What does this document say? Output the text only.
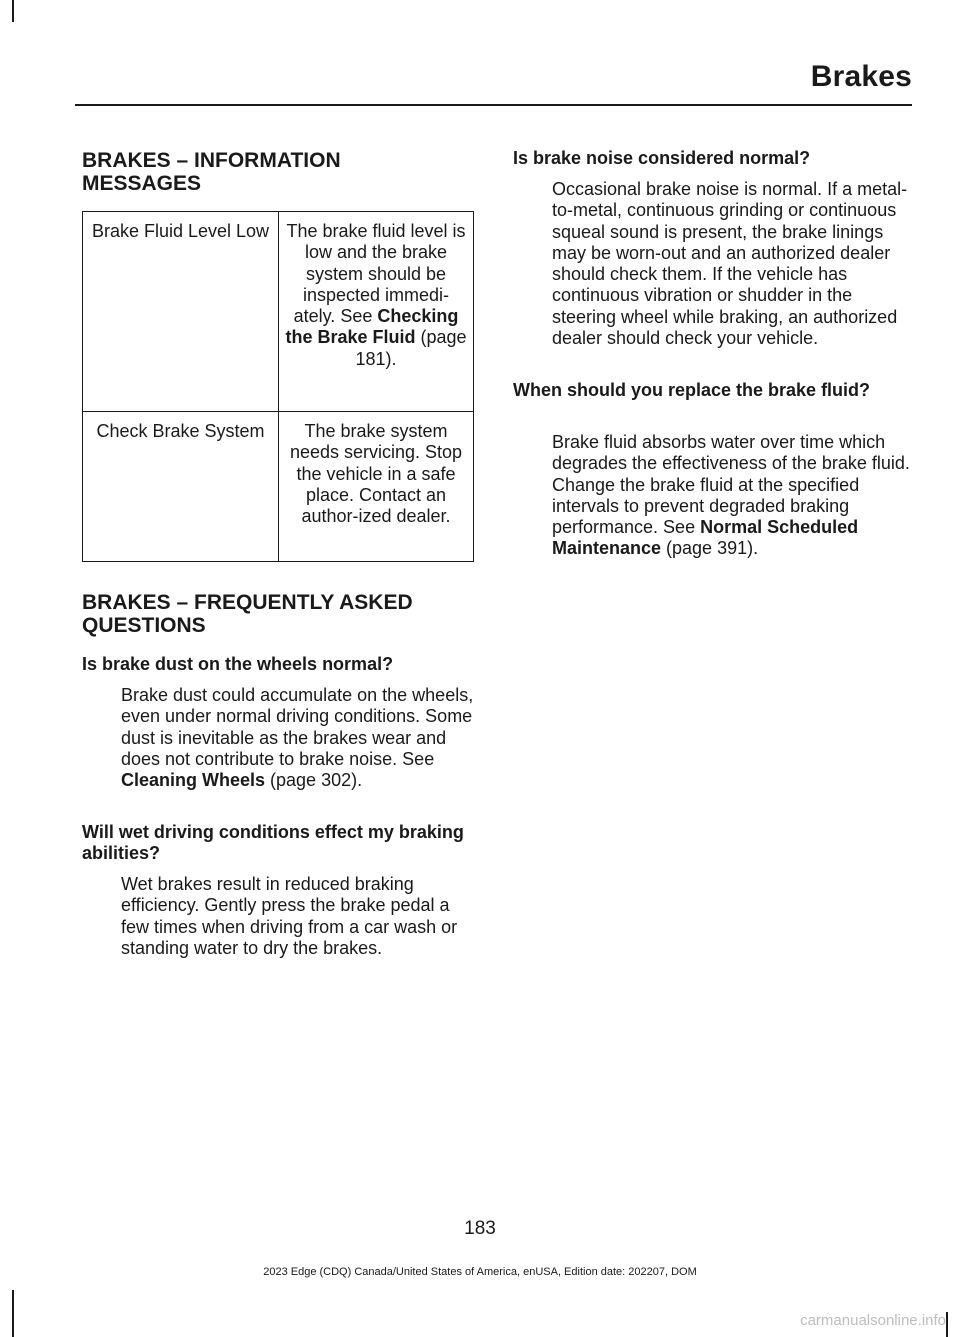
Brakes
BRAKES – INFORMATION MESSAGES
Brake Fluid Level Low	The brake fluid level is low and the brake system should be inspected immedi-ately. See Checking the Brake Fluid (page 181).
Check Brake System	The brake system needs servicing. Stop the vehicle in a safe place. Contact an author-ized dealer.
BRAKES – FREQUENTLY ASKED QUESTIONS

Is brake dust on the wheels normal?

Brake dust could accumulate on the wheels, even under normal driving conditions. Some dust is inevitable as the brakes wear and does not contribute to brake noise. See Cleaning Wheels (page 302).

Will wet driving conditions effect my braking abilities?

Wet brakes result in reduced braking efficiency. Gently press the brake pedal a few times when driving from a car wash or standing water to dry the brakes.

Is brake noise considered normal?

Occasional brake noise is normal. If a metal-to-metal, continuous grinding or continuous squeal sound is present, the brake linings may be worn-out and an authorized dealer should check them. If the vehicle has continuous vibration or shudder in the steering wheel while braking, an authorized dealer should check your vehicle.

When should you replace the brake fluid?

Brake fluid absorbs water over time which degrades the effectiveness of the brake fluid. Change the brake fluid at the specified intervals to prevent degraded braking performance. See Normal Scheduled Maintenance (page 391).

183
2023 Edge (CDQ) Canada/United States of America, enUSA, Edition date: 202207, DOM
carmanualsonline.info
